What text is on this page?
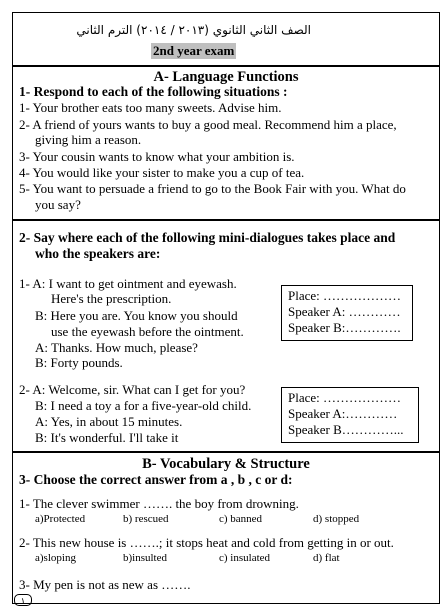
الصف الثاني الثانوي (٢٠١٣ / ٢٠١٤) الترم الثاني
2nd year exam
A- Language Functions
1- Respond to each of the following situations :
1- Your brother eats too many sweets. Advise him.
2- A friend of yours wants to buy a good meal. Recommend him a place,
giving him a reason.
3- Your cousin wants to know what your ambition is.
4- You would like your sister to make you a cup of tea.
5- You want to persuade a friend to go to the Book Fair with you. What do
you say?
2- Say where each of the following mini-dialogues takes place and
who the speakers are:
1- A: I want to get ointment and eyewash.
Here's the prescription.
B: Here you are. You know you should
use the eyewash before the ointment.
A: Thanks. How much, please?
B: Forty pounds.
Place: ………………
Speaker A: …………
Speaker B:………….
2- A: Welcome, sir. What can I get for you?
B: I need a toy a for a five-year-old child.
A: Yes, in about 15 minutes.
B: It's wonderful. I'll take it
Place: ………………
Speaker A:…………
Speaker B…………...
B- Vocabulary & Structure
3- Choose the correct answer from a , b , c or d:
1- The clever swimmer ……. the boy from drowning.
a)Protected	b) rescued	c) banned	d) stopped
2- This new house is …….; it stops heat and cold from getting in or out.
a)sloping	b)insulted	c) insulated	d) flat
3- My pen is not as new as …….
١
